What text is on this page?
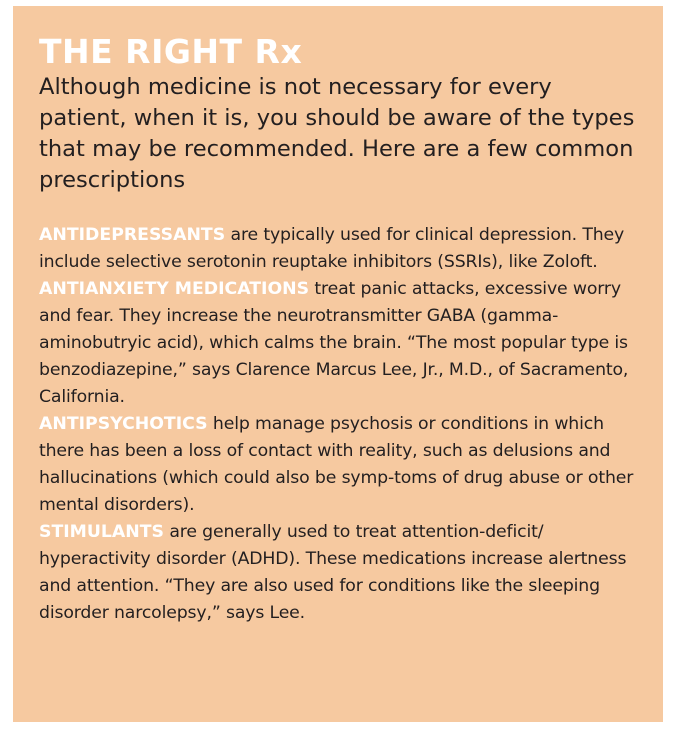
THE RIGHT Rx

Although medicine is not necessary for every patient, when it is, you should be aware of the types that may be recommended. Here are a few common prescriptions

ANTIDEPRESSANTS are typically used for clinical depression. They include selective serotonin reuptake inhibitors (SSRIs), like Zoloft.

ANTIANXIETY MEDICATIONS treat panic attacks, excessive worry and fear. They increase the neurotransmitter GABA (gamma-aminobutryic acid), which calms the brain. “The most popular type is benzodiazepine,” says Clarence Marcus Lee, Jr., M.D., of Sacramento, California.

ANTIPSYCHOTICS help manage psychosis or conditions in which there has been a loss of contact with reality, such as delusions and hallucinations (which could also be symp-toms of drug abuse or other mental disorders).

STIMULANTS are generally used to treat attention-deficit/ hyperactivity disorder (ADHD). These medications increase alertness and attention. “They are also used for conditions like the sleeping disorder narcolepsy,” says Lee.
